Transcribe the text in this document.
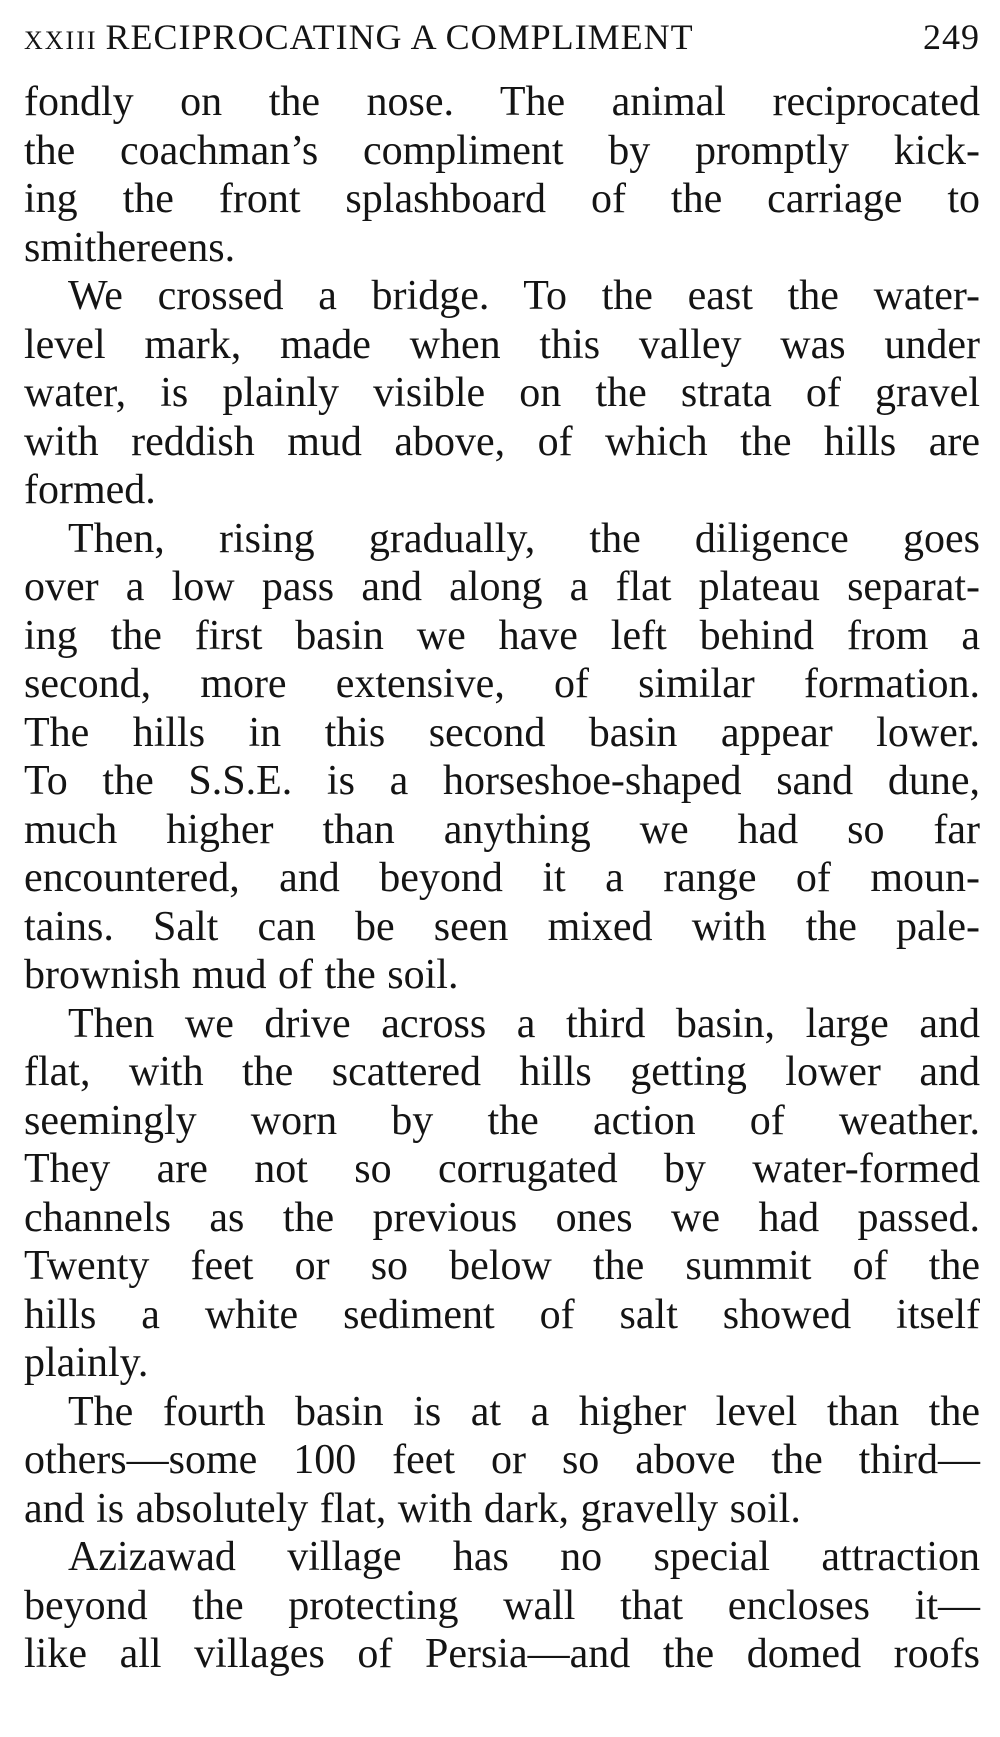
XXIII RECIPROCATING A COMPLIMENT	249
fondly on the nose. The animal reciprocated
the coachman’s compliment by promptly kick-
ing the front splashboard of the carriage to
smithereens.
We crossed a bridge. To the east the water-
level mark, made when this valley was under
water, is plainly visible on the strata of gravel
with reddish mud above, of which the hills are
formed.
Then, rising gradually, the diligence goes
over a low pass and along a flat plateau separat-
ing the first basin we have left behind from a
second, more extensive, of similar formation.
The hills in this second basin appear lower.
To the S.S.E. is a horseshoe-shaped sand dune,
much higher than anything we had so far
encountered, and beyond it a range of moun-
tains. Salt can be seen mixed with the pale-
brownish mud of the soil.
Then we drive across a third basin, large and
flat, with the scattered hills getting lower and
seemingly worn by the action of weather.
They are not so corrugated by water-formed
channels as the previous ones we had passed.
Twenty feet or so below the summit of the
hills a white sediment of salt showed itself
plainly.
The fourth basin is at a higher level than the
others—some 100 feet or so above the third—
and is absolutely flat, with dark, gravelly soil.
Azizawad village has no special attraction
beyond the protecting wall that encloses it—
like all villages of Persia—and the domed roofs
